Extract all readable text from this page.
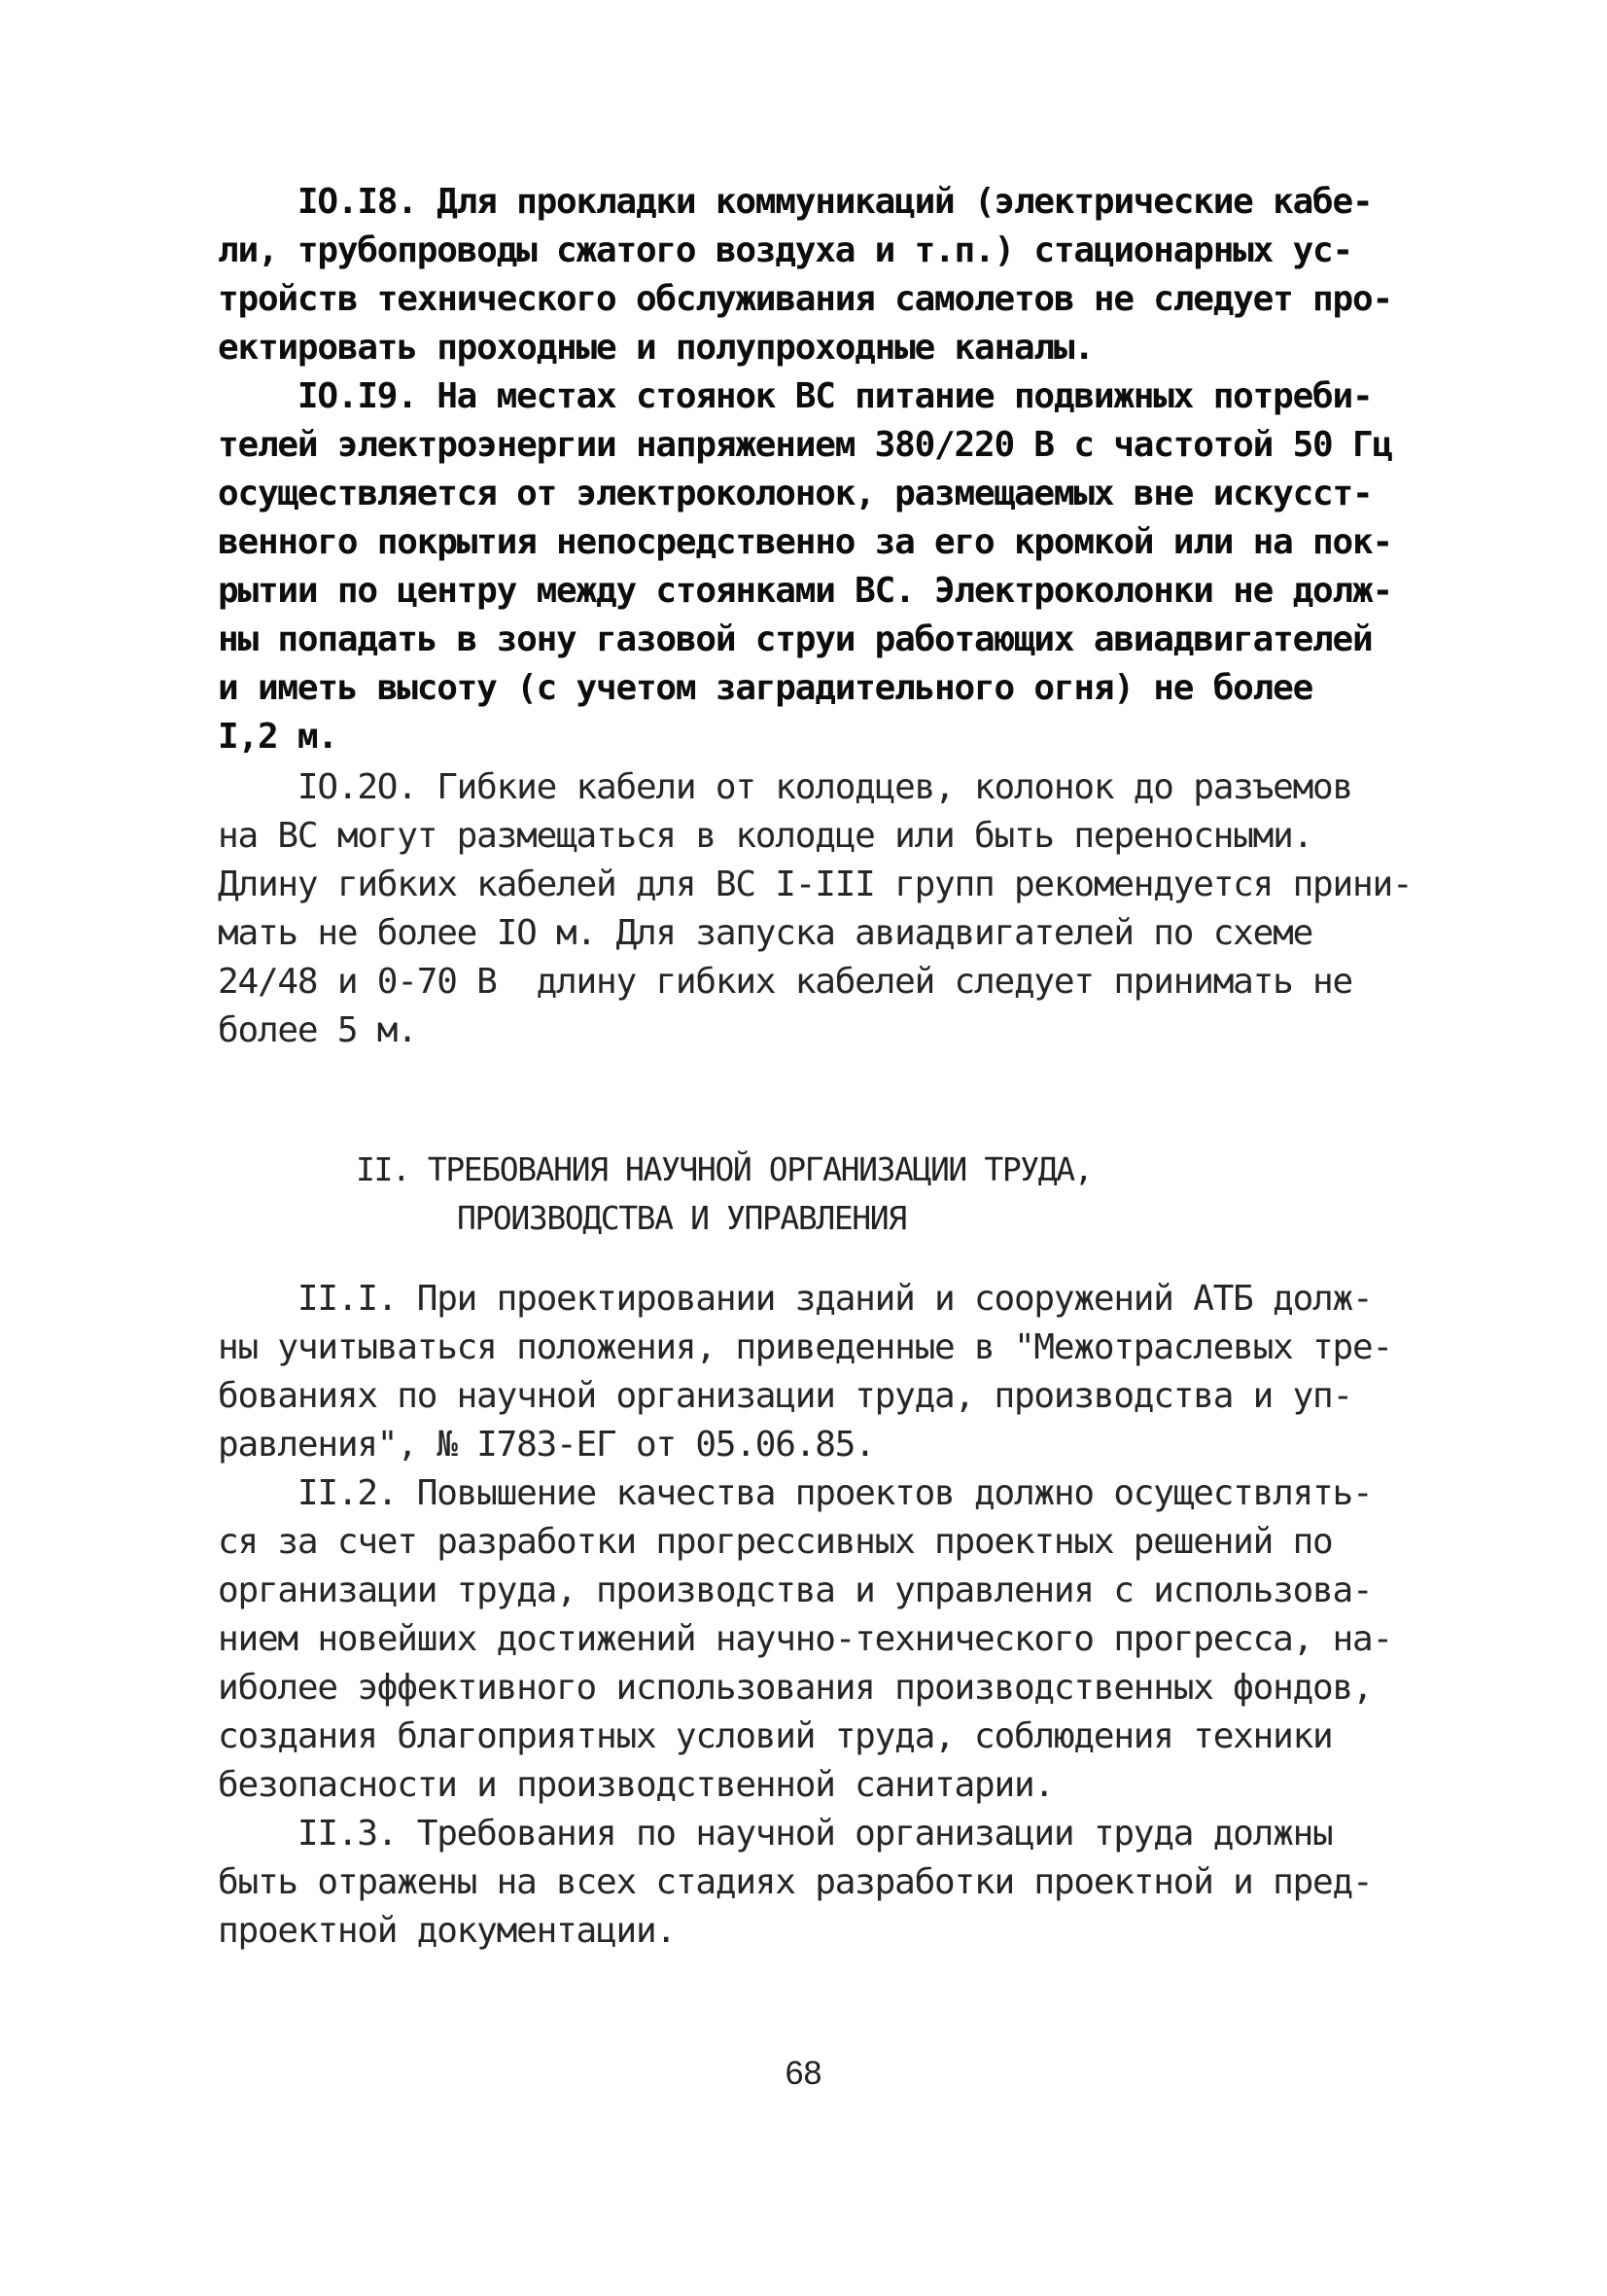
IO.I8. Для прокладки коммуникаций (электрические кабе-
ли, трубопроводы сжатого воздуха и т.п.) стационарных ус-
тройств технического обслуживания самолетов не следует про-
ектировать проходные и полупроходные каналы.
IO.I9. На местах стоянок ВС питание подвижных потреби-
телей электроэнергии напряжением 380/220 В с частотой 50 Гц
осуществляется от электроколонок, размещаемых вне искусст-
венного покрытия непосредственно за его кромкой или на пок-
рытии по центру между стоянками ВС. Электроколонки не долж-
ны попадать в зону газовой струи работающих авиадвигателей
и иметь высоту (с учетом заградительного огня) не более
I,2 м.
IO.2O. Гибкие кабели от колодцев, колонок до разъемов
на ВС могут размещаться в колодце или быть переносными.
Длину гибких кабелей для ВС I-III групп рекомендуется прини-
мать не более IO м. Для запуска авиадвигателей по схеме
24/48 и 0-70 В  длину гибких кабелей следует принимать не
более 5 м.
II. ТРЕБОВАНИЯ НАУЧНОЙ ОРГАНИЗАЦИИ ТРУДА,
ПРОИЗВОДСТВА И УПРАВЛЕНИЯ
II.I. При проектировании зданий и сооружений АТБ долж-
ны учитываться положения, приведенные в "Межотраслевых тре-
бованиях по научной организации труда, производства и уп-
равления", № I783-ЕГ от 05.06.85.
II.2. Повышение качества проектов должно осуществлять-
ся за счет разработки прогрессивных проектных решений по
организации труда, производства и управления с использова-
нием новейших достижений научно-технического прогресса, на-
иболее эффективного использования производственных фондов,
создания благоприятных условий труда, соблюдения техники
безопасности и производственной санитарии.
II.3. Требования по научной организации труда должны
быть отражены на всех стадиях разработки проектной и пред-
проектной документации.
68
